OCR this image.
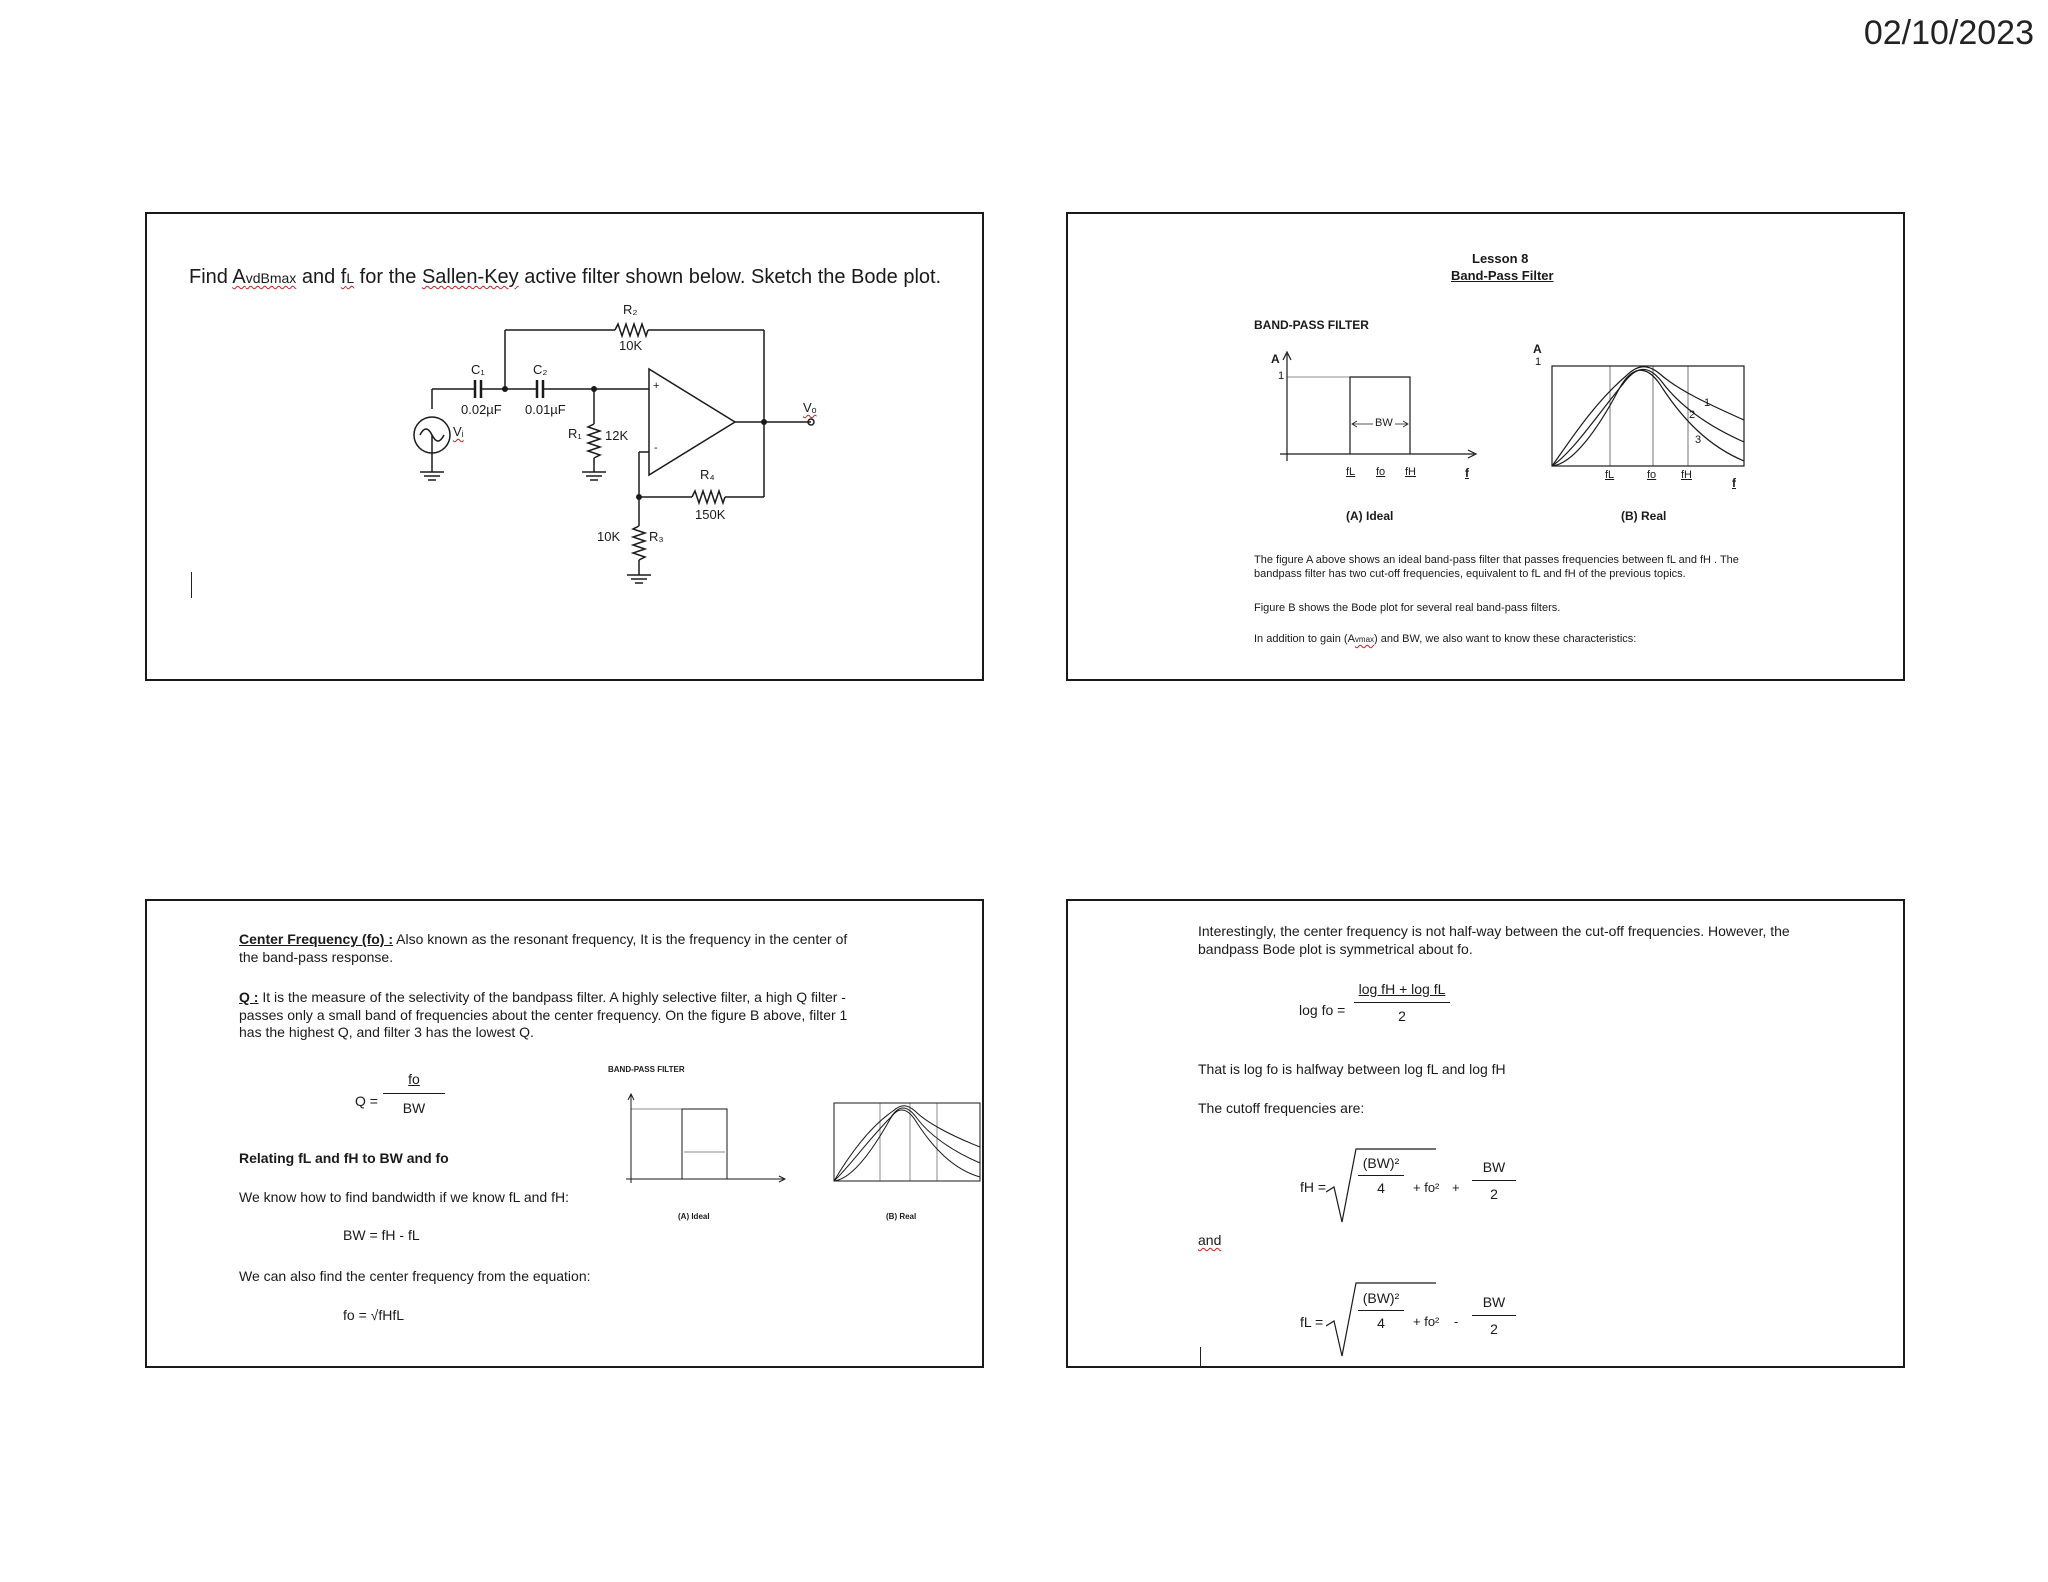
02/10/2023
Find AvdBmax and fL for the Sallen-Key active filter shown below. Sketch the Bode plot.
R₂
10K
C₁
0.02µF
C₂
0.01µF
R₁ 12K
R₄
150K
10K R₃
Vᵢ
Vₒ
+
-
Lesson 8
Band-Pass Filter
BAND-PASS FILTER
A
1
BW
fL fo fH	f
(A) Ideal
A
1
1
2
3
fL	fo fH
f
(B) Real
The figure A above shows an ideal band-pass filter that passes frequencies between fL and fH . The
bandpass filter has two cut-off frequencies, equivalent to fL and fH of the previous topics.
Figure B shows the Bode plot for several real band-pass filters.
In addition to gain (Avmax) and BW, we also want to know these characteristics:
Center Frequency (fo) : Also known as the resonant frequency, It is the frequency in the center of
the band-pass response.
Q : It is the measure of the selectivity of the bandpass filter. A highly selective filter, a high Q filter -
passes only a small band of frequencies about the center frequency. On the figure B above, filter 1
has the highest Q, and filter 3 has the lowest Q.
$Q = \frac{fo}{BW}$
Relating fL and fH to BW and fo
We know how to find bandwidth if we know fL and fH:
BW = fH - fL
We can also find the center frequency from the equation:
fo = √fHfL
BAND-PASS FILTER
(A) Ideal	(B) Real
Interestingly, the center frequency is not half-way between the cut-off frequencies. However, the
bandpass Bode plot is symmetrical about fo.
log fo = $\frac{\text{log fH + log fL}}{2}$
That is log fo is halfway between log fL and log fH
The cutoff frequencies are:
fH =
(BW)²
4	+ fo² +
BW
2
and
fL =
(BW)²
4	+ fo² -
BW
2
